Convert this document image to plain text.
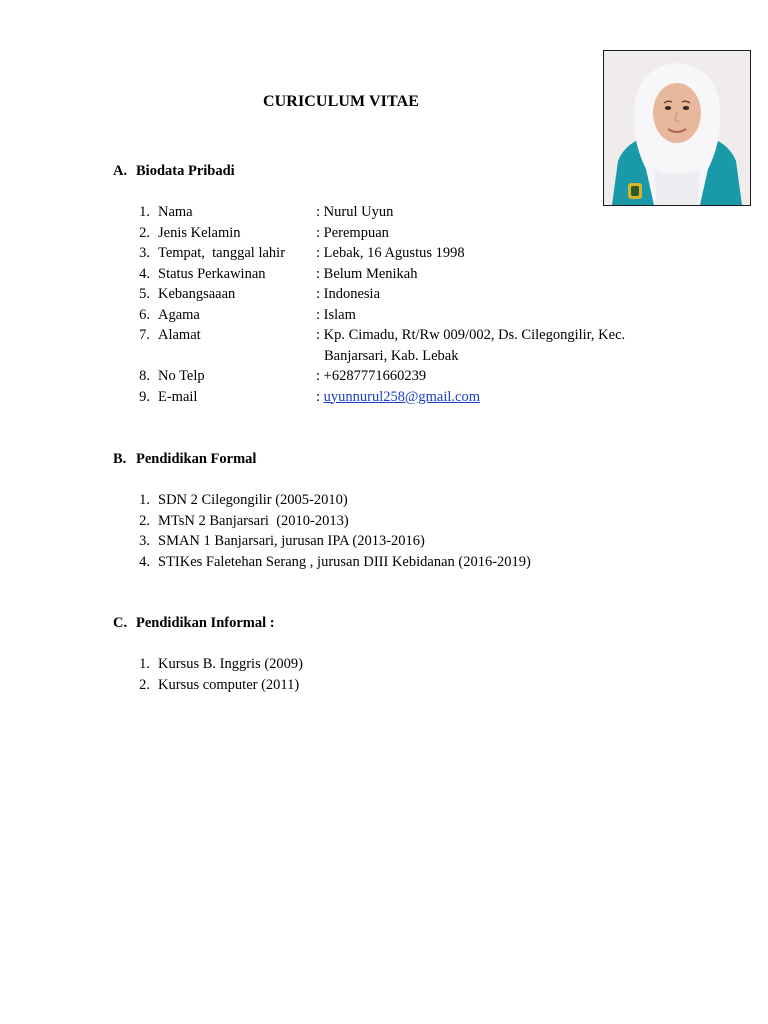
CURICULUM VITAE
A. Biodata Pribadi
1. Nama	: Nurul Uyun
2. Jenis Kelamin	: Perempuan
3. Tempat,  tanggal lahir : Lebak, 16 Agustus 1998
4. Status Perkawinan	: Belum Menikah
5. Kebangsaaan	: Indonesia
6. Agama	: Islam
7. Alamat	: Kp. Cimadu, Rt/Rw 009/002, Ds. Cilegongilir, Kec.
Banjarsari, Kab. Lebak
8. No Telp	: +6287771660239
9. E-mail	: uyunnurul258@gmail.com
B. Pendidikan Formal
1. SDN 2 Cilegongilir (2005-2010)
2. MTsN 2 Banjarsari  (2010-2013)
3. SMAN 1 Banjarsari, jurusan IPA (2013-2016)
4. STIKes Faletehan Serang , jurusan DIII Kebidanan (2016-2019)
C. Pendidikan Informal :
1. Kursus B. Inggris (2009)
2. Kursus computer (2011)
